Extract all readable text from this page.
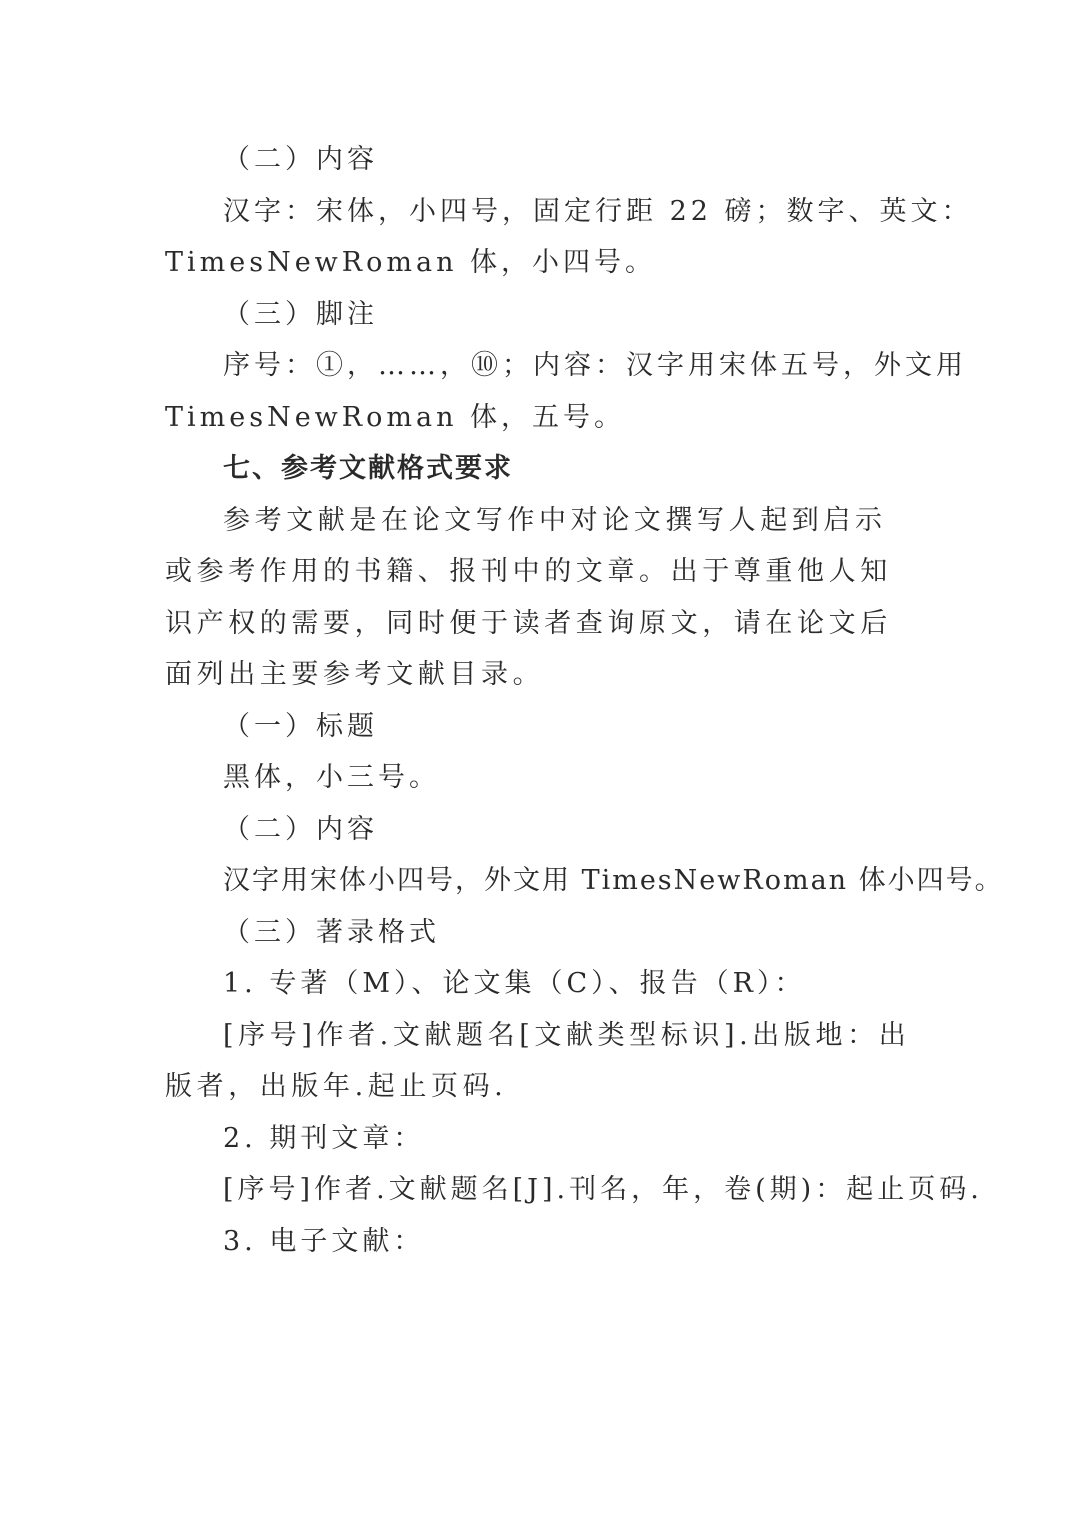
（二）内容

汉字：宋体，小四号，固定行距 22 磅；数字、英文：

TimesNewRoman 体，小四号。

（三）脚注

序号：①，……，⑩；内容：汉字用宋体五号，外文用

TimesNewRoman 体，五号。

七、参考文献格式要求

参考文献是在论文写作中对论文撰写人起到启示或参考作用的书籍、报刊中的文章。出于尊重他人知识产权的需要，同时便于读者查询原文，请在论文后面列出主要参考文献目录。

（一）标题

黑体，小三号。

（二）内容

汉字用宋体小四号，外文用 TimesNewRoman 体小四号。

（三）著录格式

1. 专著（M）、论文集（C）、报告（R）：

[序号]作者.文献题名[文献类型标识].出版地：出版者，出版年.起止页码.

2. 期刊文章：

[序号]作者.文献题名[J].刊名，年，卷(期)：起止页码.

3. 电子文献：
